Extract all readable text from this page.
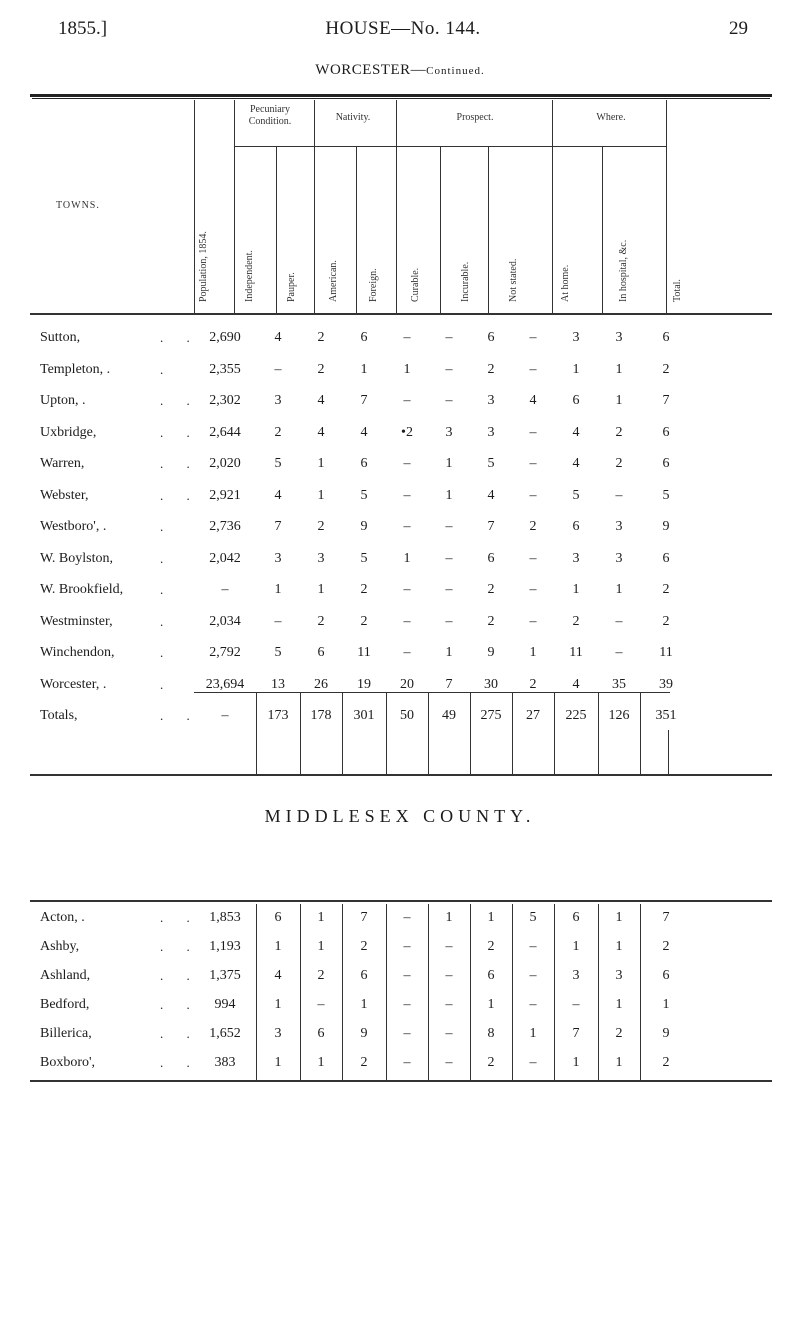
1855.]	HOUSE—No. 144.	29
WORCESTER—Continued.
TOWNS.
Pecuniary Condition.	Nativity.	Prospect.	Where.
Population, 1854.	Independent.	Pauper.	American.	Foreign.	Curable.	Incurable.	Not stated.	At home.	In hospital, &c.	Total.
Sutton,	. . 2,690	4	2	6	–	–	6	–	3	3	6
Templeton, .	.	2,355	–	2	1	1	–	2	–	1	1	2
Upton, .	. . 2,302	3	4	7	–	–	3	4	6	1	7
Uxbridge,	. . 2,644	2	4	4	•2	3	3	–	4	2	6
Warren,	. . 2,020	5	1	6	–	1	5	–	4	2	6
Webster,	. . 2,921	4	1	5	–	1	4	–	5	–	5
Westboro', .	.	2,736	7	2	9	–	–	7	2	6	3	9
W. Boylston,	.	2,042	3	3	5	1	–	6	–	3	3	6
W. Brookfield,	.	–	1	1	2	–	–	2	–	1	1	2
Westminster,	.	2,034	–	2	2	–	–	2	–	2	–	2
Winchendon,	.	2,792	5	6	11	–	1	9	1	11	–	11
Worcester, .	.	23,694	13	26	19	20	7	30	2	4	35	39
Totals,	. .	–	173	178	301	50	49	275	27	225	126	351
MIDDLESEX COUNTY.
Acton, .	. . 1,853	6	1	7	–	1	1	5	6	1	7
Ashby,	. . 1,193	1	1	2	–	–	2	–	1	1	2
Ashland,	. . 1,375	4	2	6	–	–	6	–	3	3	6
Bedford,	. .	994	1	–	1	–	–	1	–	–	1	1
Billerica,	. . 1,652	3	6	9	–	–	8	1	7	2	9
Boxboro',	. .	383	1	1	2	–	–	2	–	1	1	2
